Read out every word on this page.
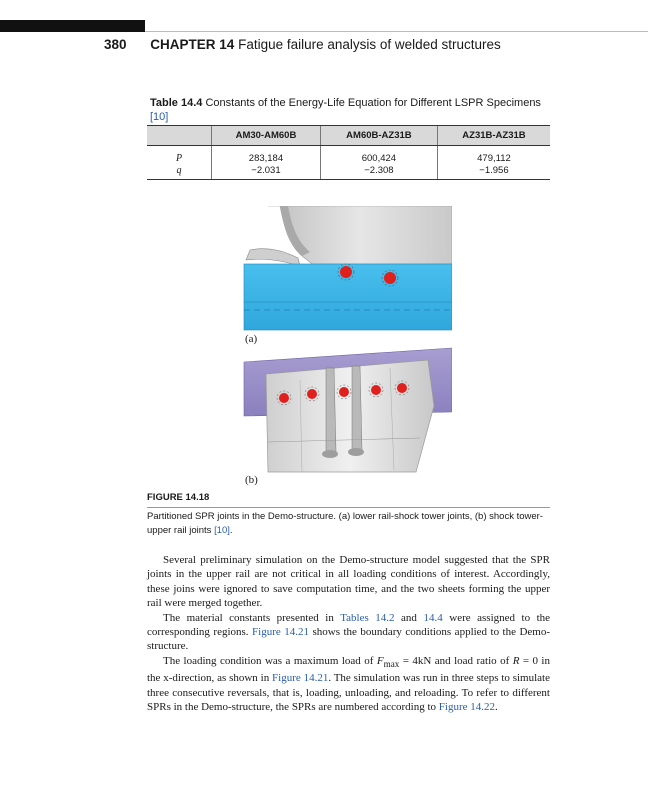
380 CHAPTER 14 Fatigue failure analysis of welded structures
Table 14.4 Constants of the Energy-Life Equation for Different LSPR Specimens [10]
	AM30-AM60B	AM60B-AZ31B	AZ31B-AZ31B
P	283,184	600,424	479,112
q	−2.031	−2.308	−1.956
(a)
(b)
FIGURE 14.18
Partitioned SPR joints in the Demo-structure. (a) lower rail-shock tower joints, (b) shock tower-upper rail joints [10].

Several preliminary simulation on the Demo-structure model suggested that the SPR joints in the upper rail are not critical in all loading conditions of interest. Accordingly, these joins were ignored to save computation time, and the two sheets forming the upper rail were merged together.

The material constants presented in Tables 14.2 and 14.4 were assigned to the corresponding regions. Figure 14.21 shows the boundary conditions applied to the Demo-structure.

The loading condition was a maximum load of $F_{max} = 4kN$ and load ratio of R = 0 in the x-direction, as shown in Figure 14.21. The simulation was run in three steps to simulate three consecutive reversals, that is, loading, unloading, and reloading. To refer to different SPRs in the Demo-structure, the SPRs are numbered according to Figure 14.22.
